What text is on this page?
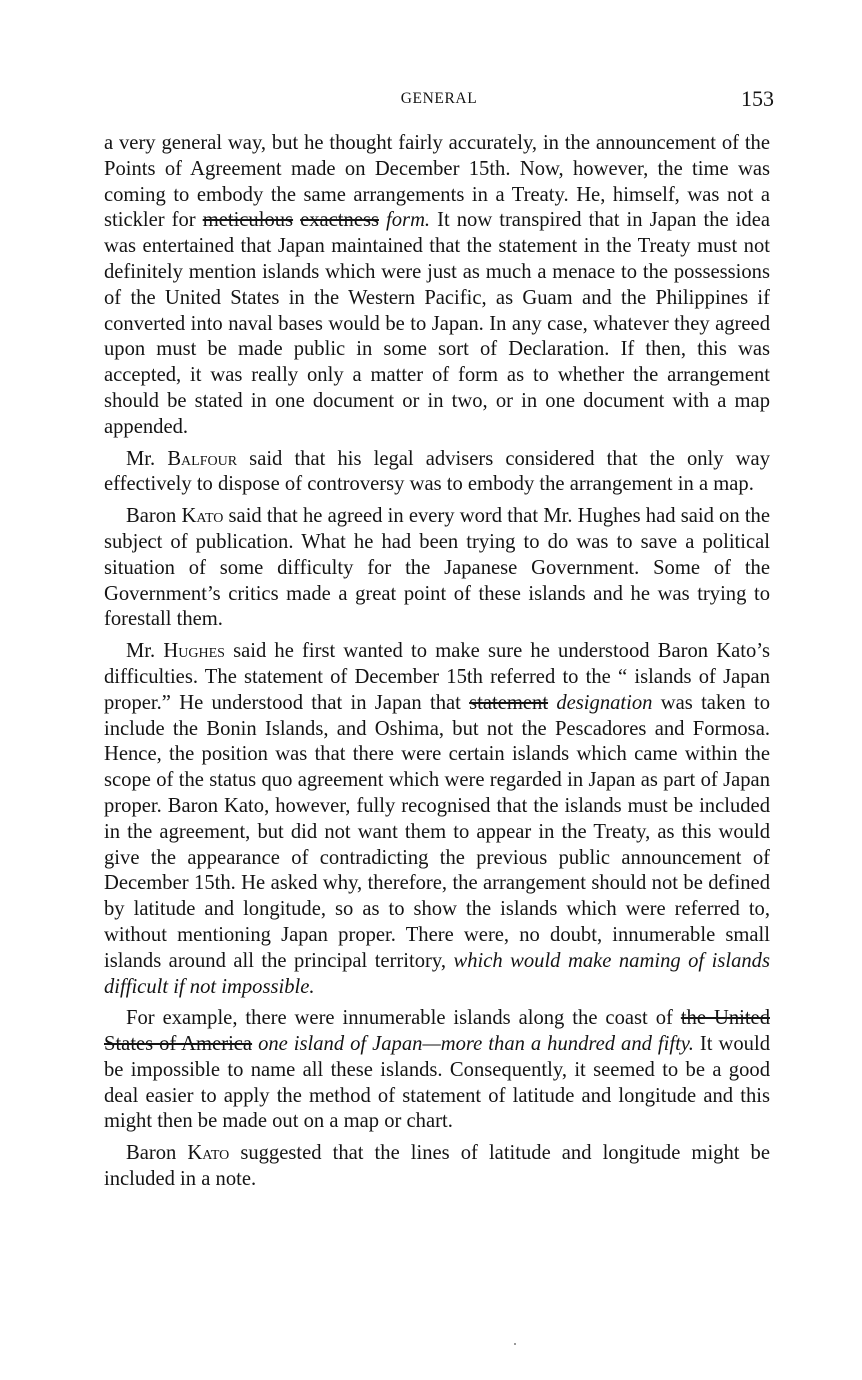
GENERAL	153

a very general way, but he thought fairly accurately, in the announcement of the Points of Agreement made on December 15th. Now, however, the time was coming to embody the same arrangements in a Treaty. He, himself, was not a stickler for meticulous exactness form. It now transpired that in Japan the idea was entertained that Japan maintained that the statement in the Treaty must not definitely mention islands which were just as much a menace to the possessions of the United States in the Western Pacific, as Guam and the Philippines if converted into naval bases would be to Japan. In any case, whatever they agreed upon must be made public in some sort of Declaration. If then, this was accepted, it was really only a matter of form as to whether the arrangement should be stated in one document or in two, or in one document with a map appended.

Mr. Balfour said that his legal advisers considered that the only way effectively to dispose of controversy was to embody the arrangement in a map.

Baron Kato said that he agreed in every word that Mr. Hughes had said on the subject of publication. What he had been trying to do was to save a political situation of some difficulty for the Japanese Government. Some of the Government’s critics made a great point of these islands and he was trying to forestall them.

Mr. Hughes said he first wanted to make sure he understood Baron Kato’s difficulties. The statement of December 15th referred to the “ islands of Japan proper.” He understood that in Japan that statement designation was taken to include the Bonin Islands, and Oshima, but not the Pescadores and Formosa. Hence, the position was that there were certain islands which came within the scope of the status quo agreement which were regarded in Japan as part of Japan proper. Baron Kato, however, fully recognised that the islands must be included in the agreement, but did not want them to appear in the Treaty, as this would give the appearance of contradicting the previous public announcement of December 15th. He asked why, therefore, the arrangement should not be defined by latitude and longitude, so as to show the islands which were referred to, without mentioning Japan proper. There were, no doubt, innumerable small islands around all the principal territory, which would make naming of islands difficult if not impossible.

For example, there were innumerable islands along the coast of the United States of America one island of Japan—more than a hundred and fifty. It would be impossible to name all these islands. Consequently, it seemed to be a good deal easier to apply the method of statement of latitude and longitude and this might then be made out on a map or chart.

Baron Kato suggested that the lines of latitude and longitude might be included in a note.
